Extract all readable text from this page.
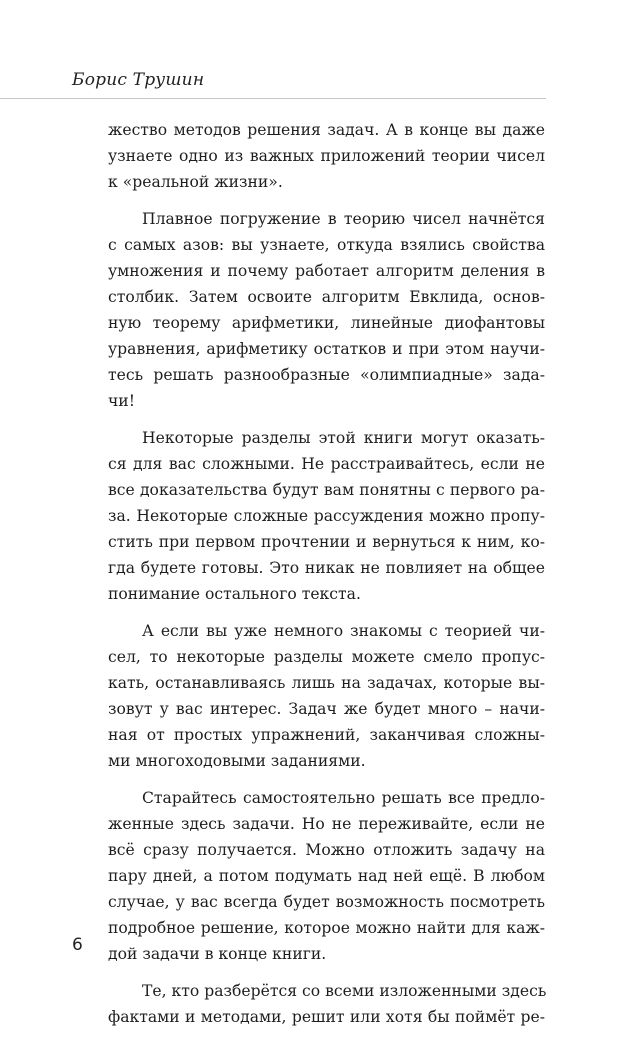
Борис Трушин
жество методов решения задач. А в конце вы даже
узнаете одно из важных приложений теории чисел
к «реальной жизни».
Плавное погружение в теорию чисел начнётся
с самых азов: вы узнаете, откуда взялись свойства
умножения и почему работает алгоритм деления в
столбик. Затем освоите алгоритм Евклида, основ-
ную теорему арифметики, линейные диофантовы
уравнения, арифметику остатков и при этом научи-
тесь решать разнообразные «олимпиадные» зада-
чи!
Некоторые разделы этой книги могут оказать-
ся для вас сложными. Не расстраивайтесь, если не
все доказательства будут вам понятны с первого ра-
за. Некоторые сложные рассуждения можно пропу-
стить при первом прочтении и вернуться к ним, ко-
гда будете готовы. Это никак не повлияет на общее
понимание остального текста.
А если вы уже немного знакомы с теорией чи-
сел, то некоторые разделы можете смело пропус-
кать, останавливаясь лишь на задачах, которые вы-
зовут у вас интерес. Задач же будет много – начи-
ная от простых упражнений, заканчивая сложны-
ми многоходовыми заданиями.
Старайтесь самостоятельно решать все предло-
женные здесь задачи. Но не переживайте, если не
всё сразу получается. Можно отложить задачу на
пару дней, а потом подумать над ней ещё. В любом
случае, у вас всегда будет возможность посмотреть
подробное решение, которое можно найти для каж-
дой задачи в конце книги.
Те, кто разберётся со всеми изложенными здесь
фактами и методами, решит или хотя бы поймёт ре-
6
